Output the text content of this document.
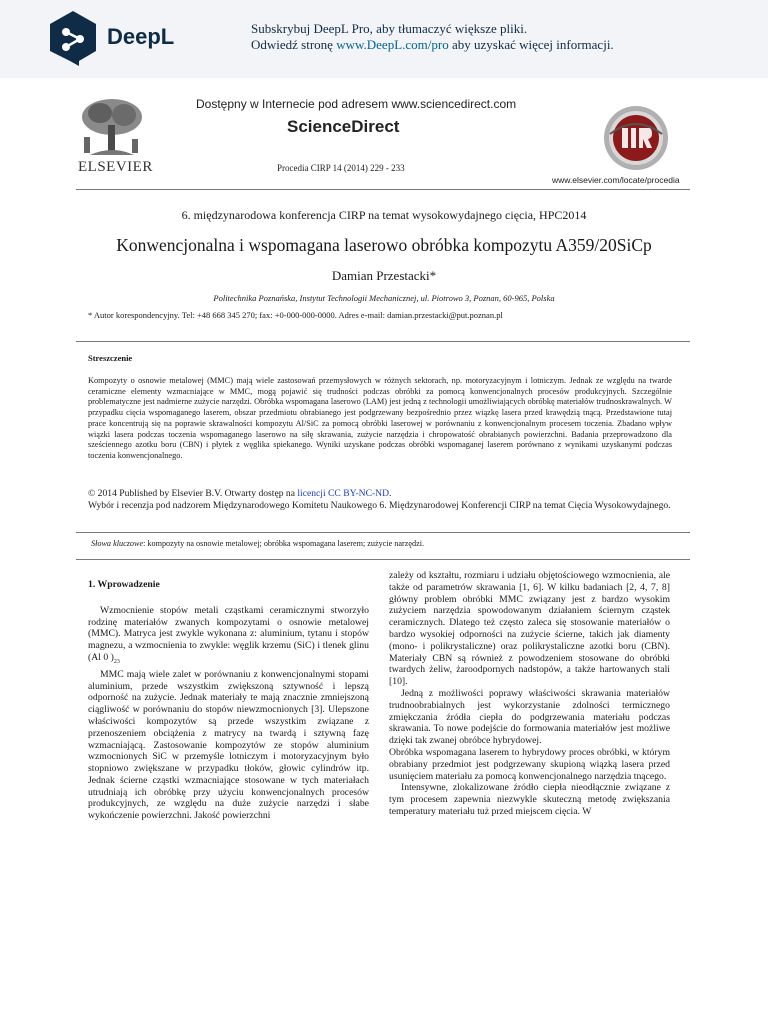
DeepL	Subskrybuj DeepL Pro, aby tłumaczyć większe pliki.
Odwiedź stronę www.DeepL.com/pro aby uzyskać więcej informacji.
ELSEVIER
Dostępny w Internecie pod adresem www.sciencedirect.com
ScienceDirect
Procedia CIRP 14 (2014) 229 - 233
www.elsevier.com/locate/procedia
6. międzynarodowa konferencja CIRP na temat wysokowydajnego cięcia, HPC2014
Konwencjonalna i wspomagana laserowo obróbka kompozytu A359/20SiCp
Damian Przestacki*
Politechnika Poznańska, Instytut Technologii Mechanicznej, ul. Piotrowo 3, Poznan, 60-965, Polska
* Autor korespondencyjny. Tel: +48 668 345 270; fax: +0-000-000-0000. Adres e-mail: damian.przestacki@put.poznan.pl
Streszczenie
Kompozyty o osnowie metalowej (MMC) mają wiele zastosowań przemysłowych w różnych sektorach, np. motoryzacyjnym i lotniczym. Jednak ze względu na twarde ceramiczne elementy wzmacniające w MMC, mogą pojawić się trudności podczas obróbki za pomocą konwencjonalnych procesów produkcyjnych. Szczególnie problematyczne jest nadmierne zużycie narzędzi. Obróbka wspomagana laserowo (LAM) jest jedną z technologii umożliwiających obróbkę materiałów trudnoskrawalnych. W przypadku cięcia wspomaganego laserem, obszar przedmiotu obrabianego jest podgrzewany bezpośrednio przez wiązkę lasera przed krawędzią tnącą. Przedstawione tutaj prace koncentrują się na poprawie skrawalności kompozytu Al/SiC za pomocą obróbki laserowej w porównaniu z konwencjonalnym procesem toczenia. Zbadano wpływ wiązki lasera podczas toczenia wspomaganego laserowo na siłę skrawania, zużycie narzędzia i chropowatość obrabianych powierzchni. Badania przeprowadzono dla sześciennego azotku boru (CBN) i płytek z węglika spiekanego. Wyniki uzyskane podczas obróbki wspomaganej laserem porównano z wynikami uzyskanymi podczas toczenia konwencjonalnego.
© 2014 Published by Elsevier B.V. Otwarty dostęp na licencji CC BY-NC-ND.
Wybór i recenzja pod nadzorem Międzynarodowego Komitetu Naukowego 6. Międzynarodowej Konferencji CIRP na temat Cięcia Wysokowydajnego.
Słowa kluczowe: kompozyty na osnowie metalowej; obróbka wspomagana laserem; zużycie narzędzi.
1. Wprowadzenie

Wzmocnienie stopów metali cząstkami ceramicznymi stworzyło rodzinę materiałów zwanych kompozytami o osnowie metalowej (MMC). Matryca jest zwykle wykonana z: aluminium, tytanu i stopów magnezu, a wzmocnienia to zwykle: węglik krzemu (SiC) i tlenek glinu (Al 0 )$_{23}$

MMC mają wiele zalet w porównaniu z konwencjonalnymi stopami aluminium, przede wszystkim zwiększoną sztywność i lepszą odporność na zużycie. Jednak materiały te mają znacznie zmniejszoną ciągliwość w porównaniu do stopów niewzmocnionych [3]. Ulepszone właściwości kompozytów są przede wszystkim związane z przenoszeniem obciążenia z matrycy na twardą i sztywną fazę wzmacniającą. Zastosowanie kompozytów ze stopów aluminium wzmocnionych SiC w przemyśle lotniczym i motoryzacyjnym było stopniowo zwiększane w przypadku tłoków, głowic cylindrów itp. Jednak ścierne cząstki wzmacniające stosowane w tych materiałach utrudniają ich obróbkę przy użyciu konwencjonalnych procesów produkcyjnych, ze względu na duże zużycie narzędzi i słabe wykończenie powierzchni. Jakość powierzchni

zależy od kształtu, rozmiaru i udziału objętościowego wzmocnienia, ale także od parametrów skrawania [1, 6]. W kilku badaniach [2, 4, 7, 8] główny problem obróbki MMC związany jest z bardzo wysokim zużyciem narzędzia spowodowanym działaniem ściernym cząstek ceramicznych. Dlatego też często zaleca się stosowanie materiałów o bardzo wysokiej odporności na zużycie ścierne, takich jak diamenty (mono- i polikrystaliczne) oraz polikrystaliczne azotki boru (CBN). Materiały CBN są również z powodzeniem stosowane do obróbki twardych żeliw, żaroodpornych nadstopów, a także hartowanych stali [10].

Jedną z możliwości poprawy właściwości skrawania materiałów trudnoobrabialnych jest wykorzystanie zdolności termicznego zmiękczania źródła ciepła do podgrzewania materiału podczas skrawania. To nowe podejście do formowania materiałów jest możliwe dzięki tak zwanej obróbce hybrydowej.

Obróbka wspomagana laserem to hybrydowy proces obróbki, w którym obrabiany przedmiot jest podgrzewany skupioną wiązką lasera przed usunięciem materiału za pomocą konwencjonalnego narzędzia tnącego.

Intensywne, zlokalizowane źródło ciepła nieodłącznie związane z tym procesem zapewnia niezwykle skuteczną metodę zwiększania temperatury materiału tuż przed miejscem cięcia. W
